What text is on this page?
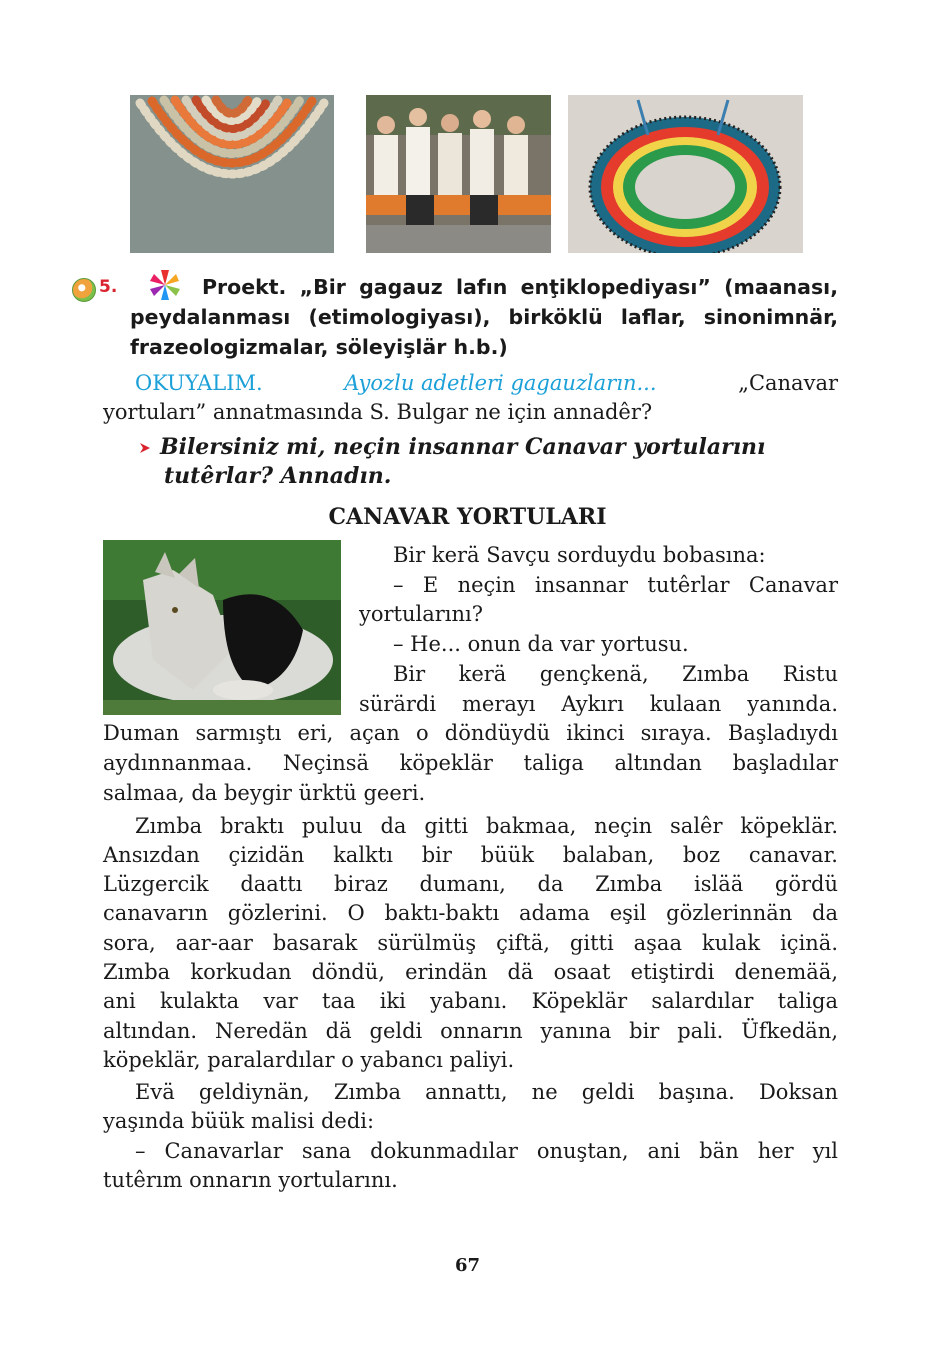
5.	Proekt. „Bir gagauz lafın enţiklopediyası” (maanası, peydalanması (etimologiyası), birköklü laflar, sinonimnär, frazeologizmalar, söleyişlär h.b.)
OKUYALIM.	Ayozlu adetleri gagauzların...	„Canavar
yortuları” annatmasında S. Bulgar ne için annadêr?
Bilersiniz mi, neçin insannar Canavar yortularını
tutêrlar? Annadın.
CANAVAR YORTULARI
Bir kerä Savçu sorduydu bobasına:
– E neçin insannar tutêrlar Canavar
yortularını?
– He... onun da var yortusu.
Bir kerä gençkenä, Zımba Ristu
sürärdi merayı Aykırı kulaan yanında.
Duman sarmıştı eri, açan o döndüydü ikinci sıraya. Başladıydı
aydınnanmaa. Neçinsä köpeklär taliga altından başladılar
salmaa, da beygir ürktü geeri.
Zımba braktı puluu da gitti bakmaa, neçin salêr köpeklär.
Ansızdan çizidän kalktı bir büük balaban, boz canavar.
Lüzgercik daattı biraz dumanı, da Zımba islää gördü
canavarın gözlerini. O baktı-baktı adama eşil gözlerinnän da
sora, aar-aar basarak sürülmüş çiftä, gitti aşaa kulak içinä.
Zımba korkudan döndü, erindän dä osaat etiştirdi denemää,
ani kulakta var taa iki yabanı. Köpeklär salardılar taliga
altından. Neredän dä geldi onnarın yanına bir pali. Üfkedän,
köpeklär, paralardılar o yabancı paliyi.
Evä geldiynän, Zımba annattı, ne geldi başına. Doksan
yaşında büük malisi dedi:
– Canavarlar sana dokunmadılar onuştan, ani bän her yıl
tutêrım onnarın yortularını.
67
